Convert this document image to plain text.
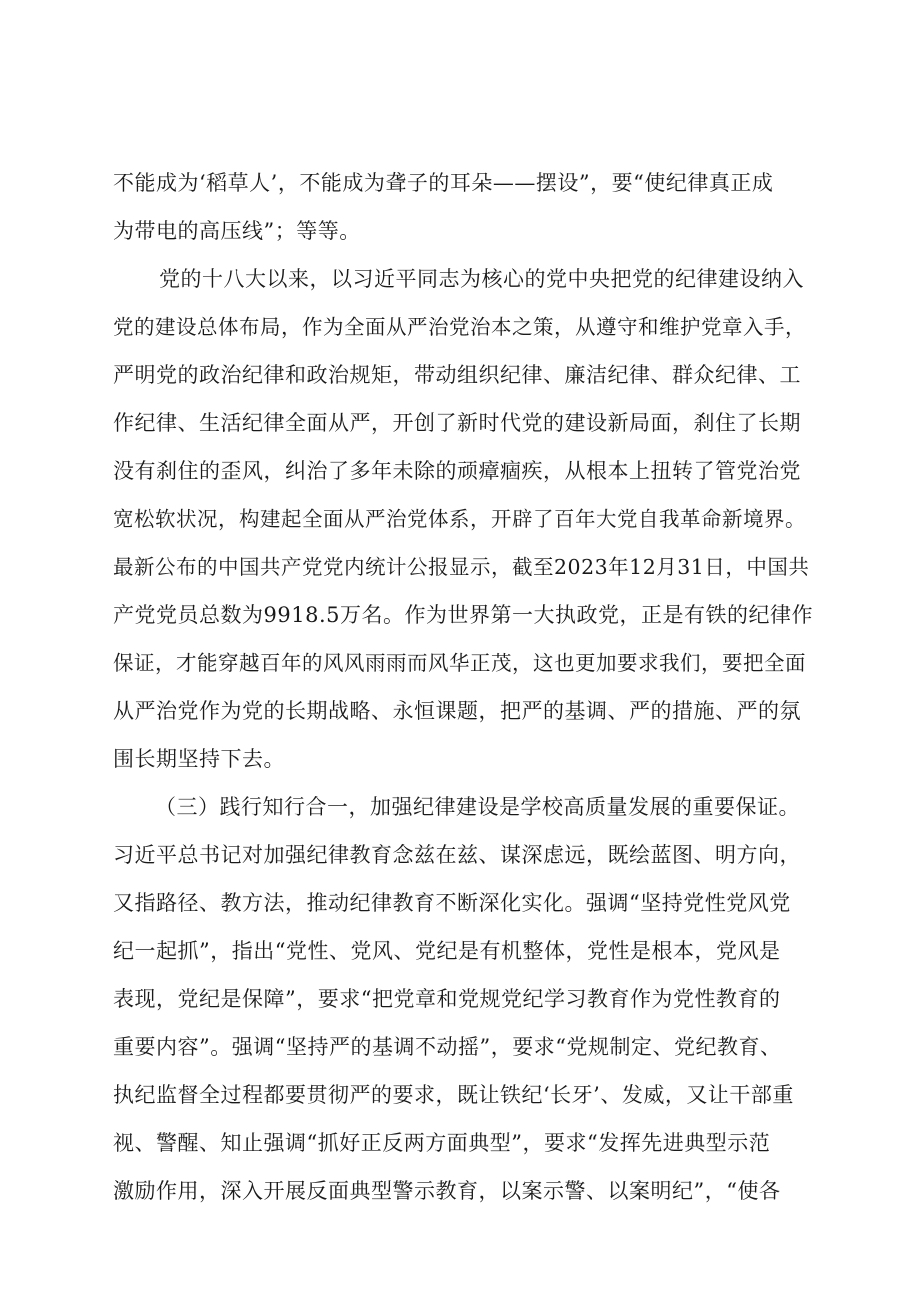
不能成为‘稻草人’，不能成为聋子的耳朵——摆设”，要“使纪律真正成
为带电的高压线”；等等。
党的十八大以来，以习近平同志为核心的党中央把党的纪律建设纳入
党的建设总体布局，作为全面从严治党治本之策，从遵守和维护党章入手，
严明党的政治纪律和政治规矩，带动组织纪律、廉洁纪律、群众纪律、工
作纪律、生活纪律全面从严，开创了新时代党的建设新局面，刹住了长期
没有刹住的歪风，纠治了多年未除的顽瘴痼疾，从根本上扭转了管党治党
宽松软状况，构建起全面从严治党体系，开辟了百年大党自我革命新境界。
最新公布的中国共产党党内统计公报显示，截至2023年12月31日，中国共
产党党员总数为9918.5万名。作为世界第一大执政党，正是有铁的纪律作
保证，才能穿越百年的风风雨雨而风华正茂，这也更加要求我们，要把全面
从严治党作为党的长期战略、永恒课题，把严的基调、严的措施、严的氛
围长期坚持下去。
（三）践行知行合一，加强纪律建设是学校高质量发展的重要保证。
习近平总书记对加强纪律教育念兹在兹、谋深虑远，既绘蓝图、明方向，
又指路径、教方法，推动纪律教育不断深化实化。强调“坚持党性党风党
纪一起抓”，指出“党性、党风、党纪是有机整体，党性是根本，党风是
表现，党纪是保障”，要求“把党章和党规党纪学习教育作为党性教育的
重要内容”。强调“坚持严的基调不动摇”，要求“党规制定、党纪教育、
执纪监督全过程都要贯彻严的要求，既让铁纪‘长牙’、发威，又让干部重
视、警醒、知止强调“抓好正反两方面典型”，要求“发挥先进典型示范
激励作用，深入开展反面典型警示教育，以案示警、以案明纪”，“使各
